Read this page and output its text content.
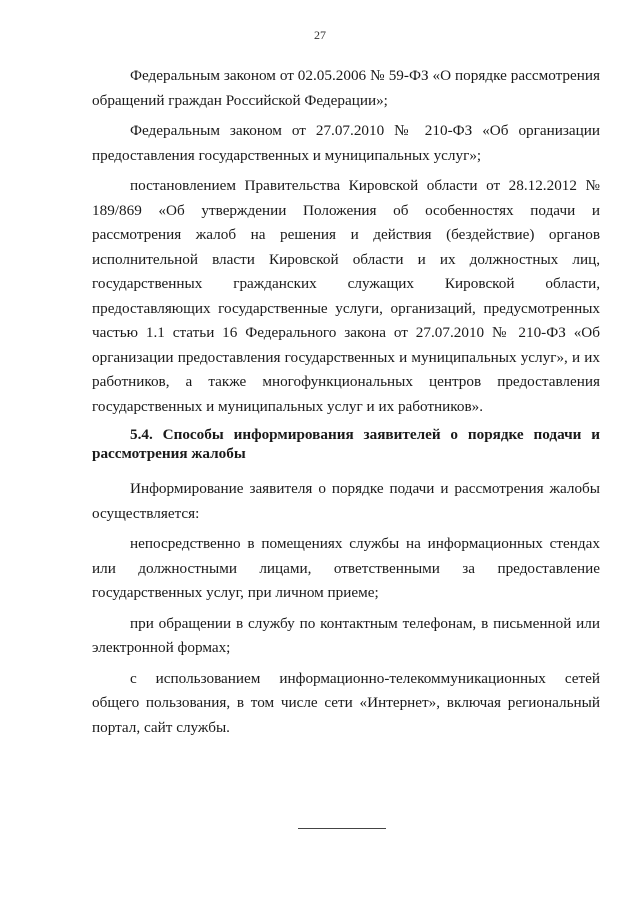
27

Федеральным законом от 02.05.2006 № 59-ФЗ «О порядке рассмотрения обращений граждан Российской Федерации»;

Федеральным законом от 27.07.2010 № 210-ФЗ «Об организации предоставления государственных и муниципальных услуг»;

постановлением Правительства Кировской области от 28.12.2012 № 189/869 «Об утверждении Положения об особенностях подачи и рассмотрения жалоб на решения и действия (бездействие) органов исполнительной власти Кировской области и их должностных лиц, государственных гражданских служащих Кировской области, предоставляющих государственные услуги, организаций, предусмотренных частью 1.1 статьи 16 Федерального закона от 27.07.2010 № 210-ФЗ «Об организации предоставления государственных и муниципальных услуг», и их работников, а также многофункциональных центров предоставления государственных и муниципальных услуг и их работников».

5.4. Способы информирования заявителей о порядке подачи и рассмотрения жалобы

Информирование заявителя о порядке подачи и рассмотрения жалобы осуществляется:

непосредственно в помещениях службы на информационных стендах или должностными лицами, ответственными за предоставление государственных услуг, при личном приеме;

при обращении в службу по контактным телефонам, в письменной или электронной формах;

с использованием информационно-телекоммуникационных сетей общего пользования, в том числе сети «Интернет», включая региональный портал, сайт службы.
